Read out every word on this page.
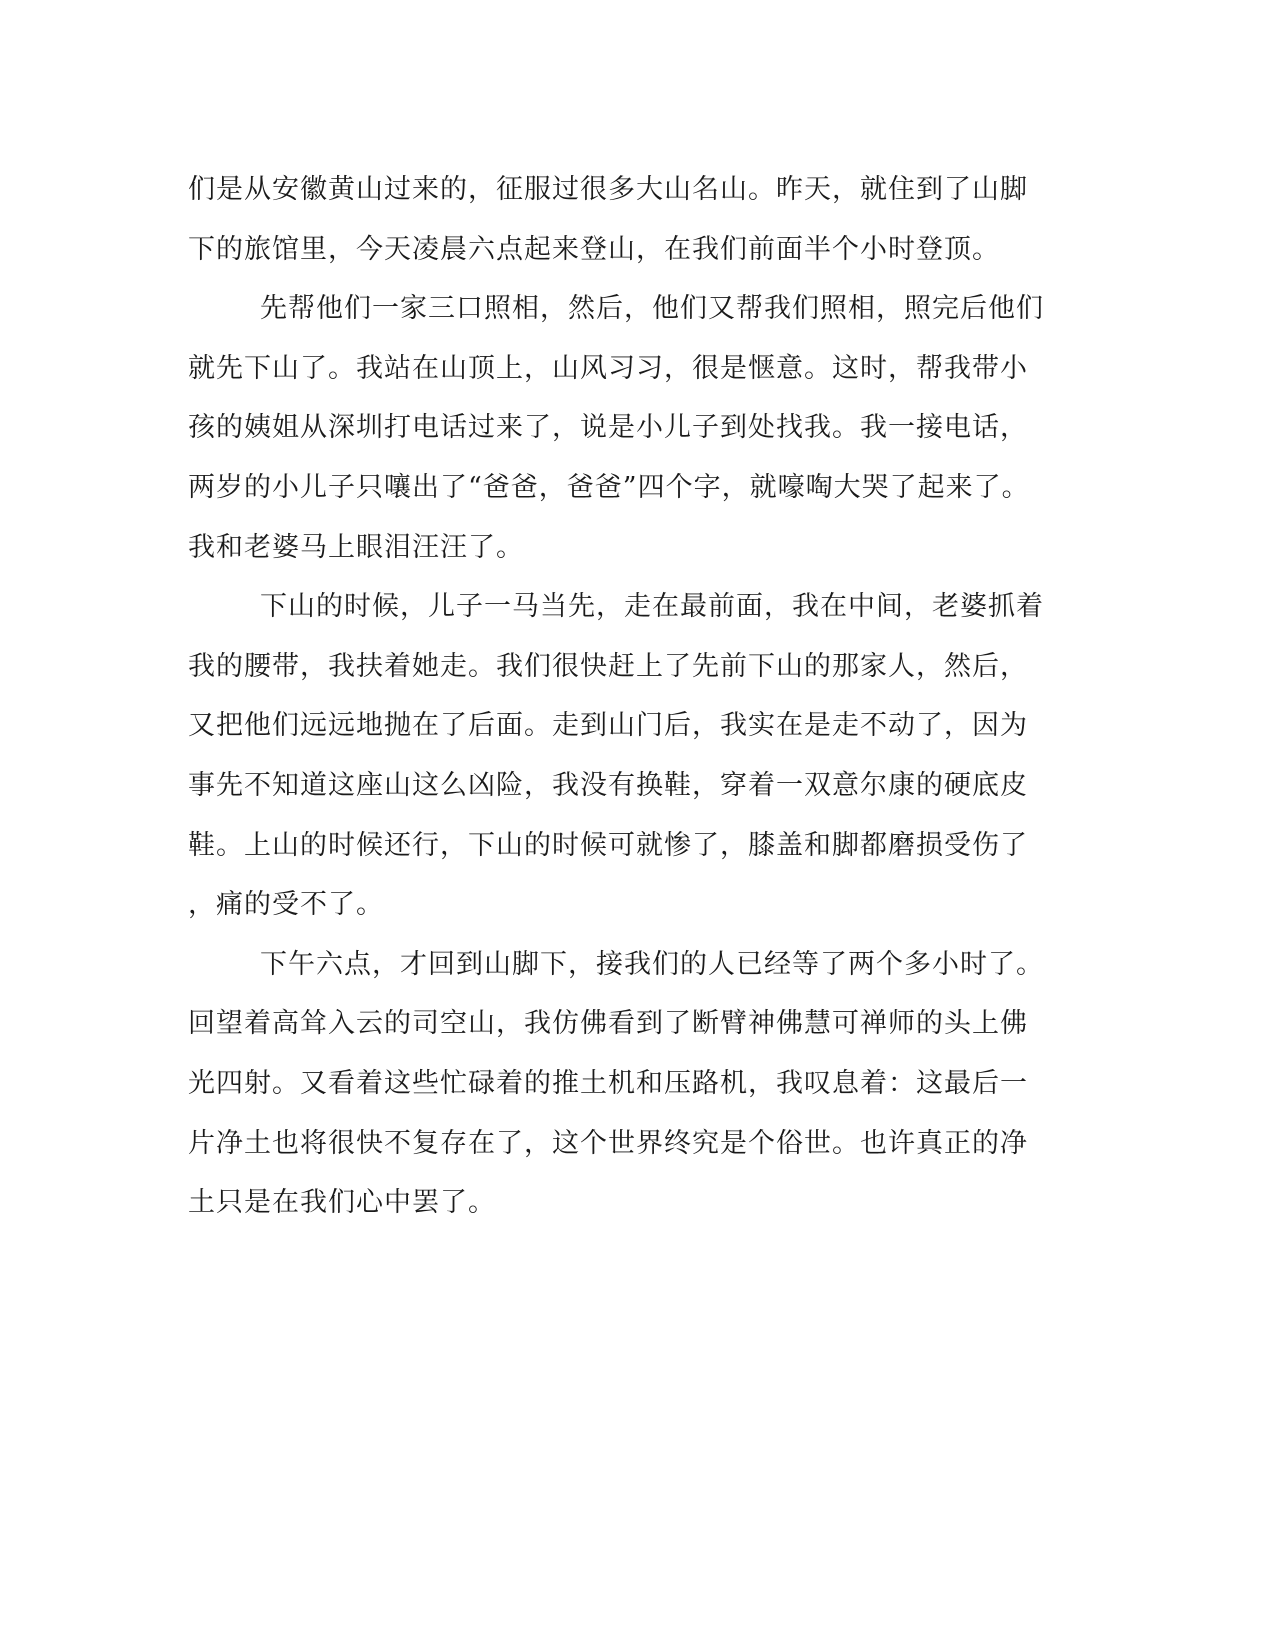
们是从安徽黄山过来的，征服过很多大山名山。昨天，就住到了山脚
下的旅馆里，今天凌晨六点起来登山，在我们前面半个小时登顶。
先帮他们一家三口照相，然后，他们又帮我们照相，照完后他们
就先下山了。我站在山顶上，山风习习，很是惬意。这时，帮我带小
孩的姨姐从深圳打电话过来了，说是小儿子到处找我。我一接电话，
两岁的小儿子只嚷出了“爸爸，爸爸”四个字，就嚎啕大哭了起来了。
我和老婆马上眼泪汪汪了。
下山的时候，儿子一马当先，走在最前面，我在中间，老婆抓着
我的腰带，我扶着她走。我们很快赶上了先前下山的那家人，然后，
又把他们远远地抛在了后面。走到山门后，我实在是走不动了，因为
事先不知道这座山这么凶险，我没有换鞋，穿着一双意尔康的硬底皮
鞋。上山的时候还行，下山的时候可就惨了，膝盖和脚都磨损受伤了
，痛的受不了。
下午六点，才回到山脚下，接我们的人已经等了两个多小时了。
回望着高耸入云的司空山，我仿佛看到了断臂神佛慧可禅师的头上佛
光四射。又看着这些忙碌着的推土机和压路机，我叹息着：这最后一
片净土也将很快不复存在了，这个世界终究是个俗世。也许真正的净
土只是在我们心中罢了。
